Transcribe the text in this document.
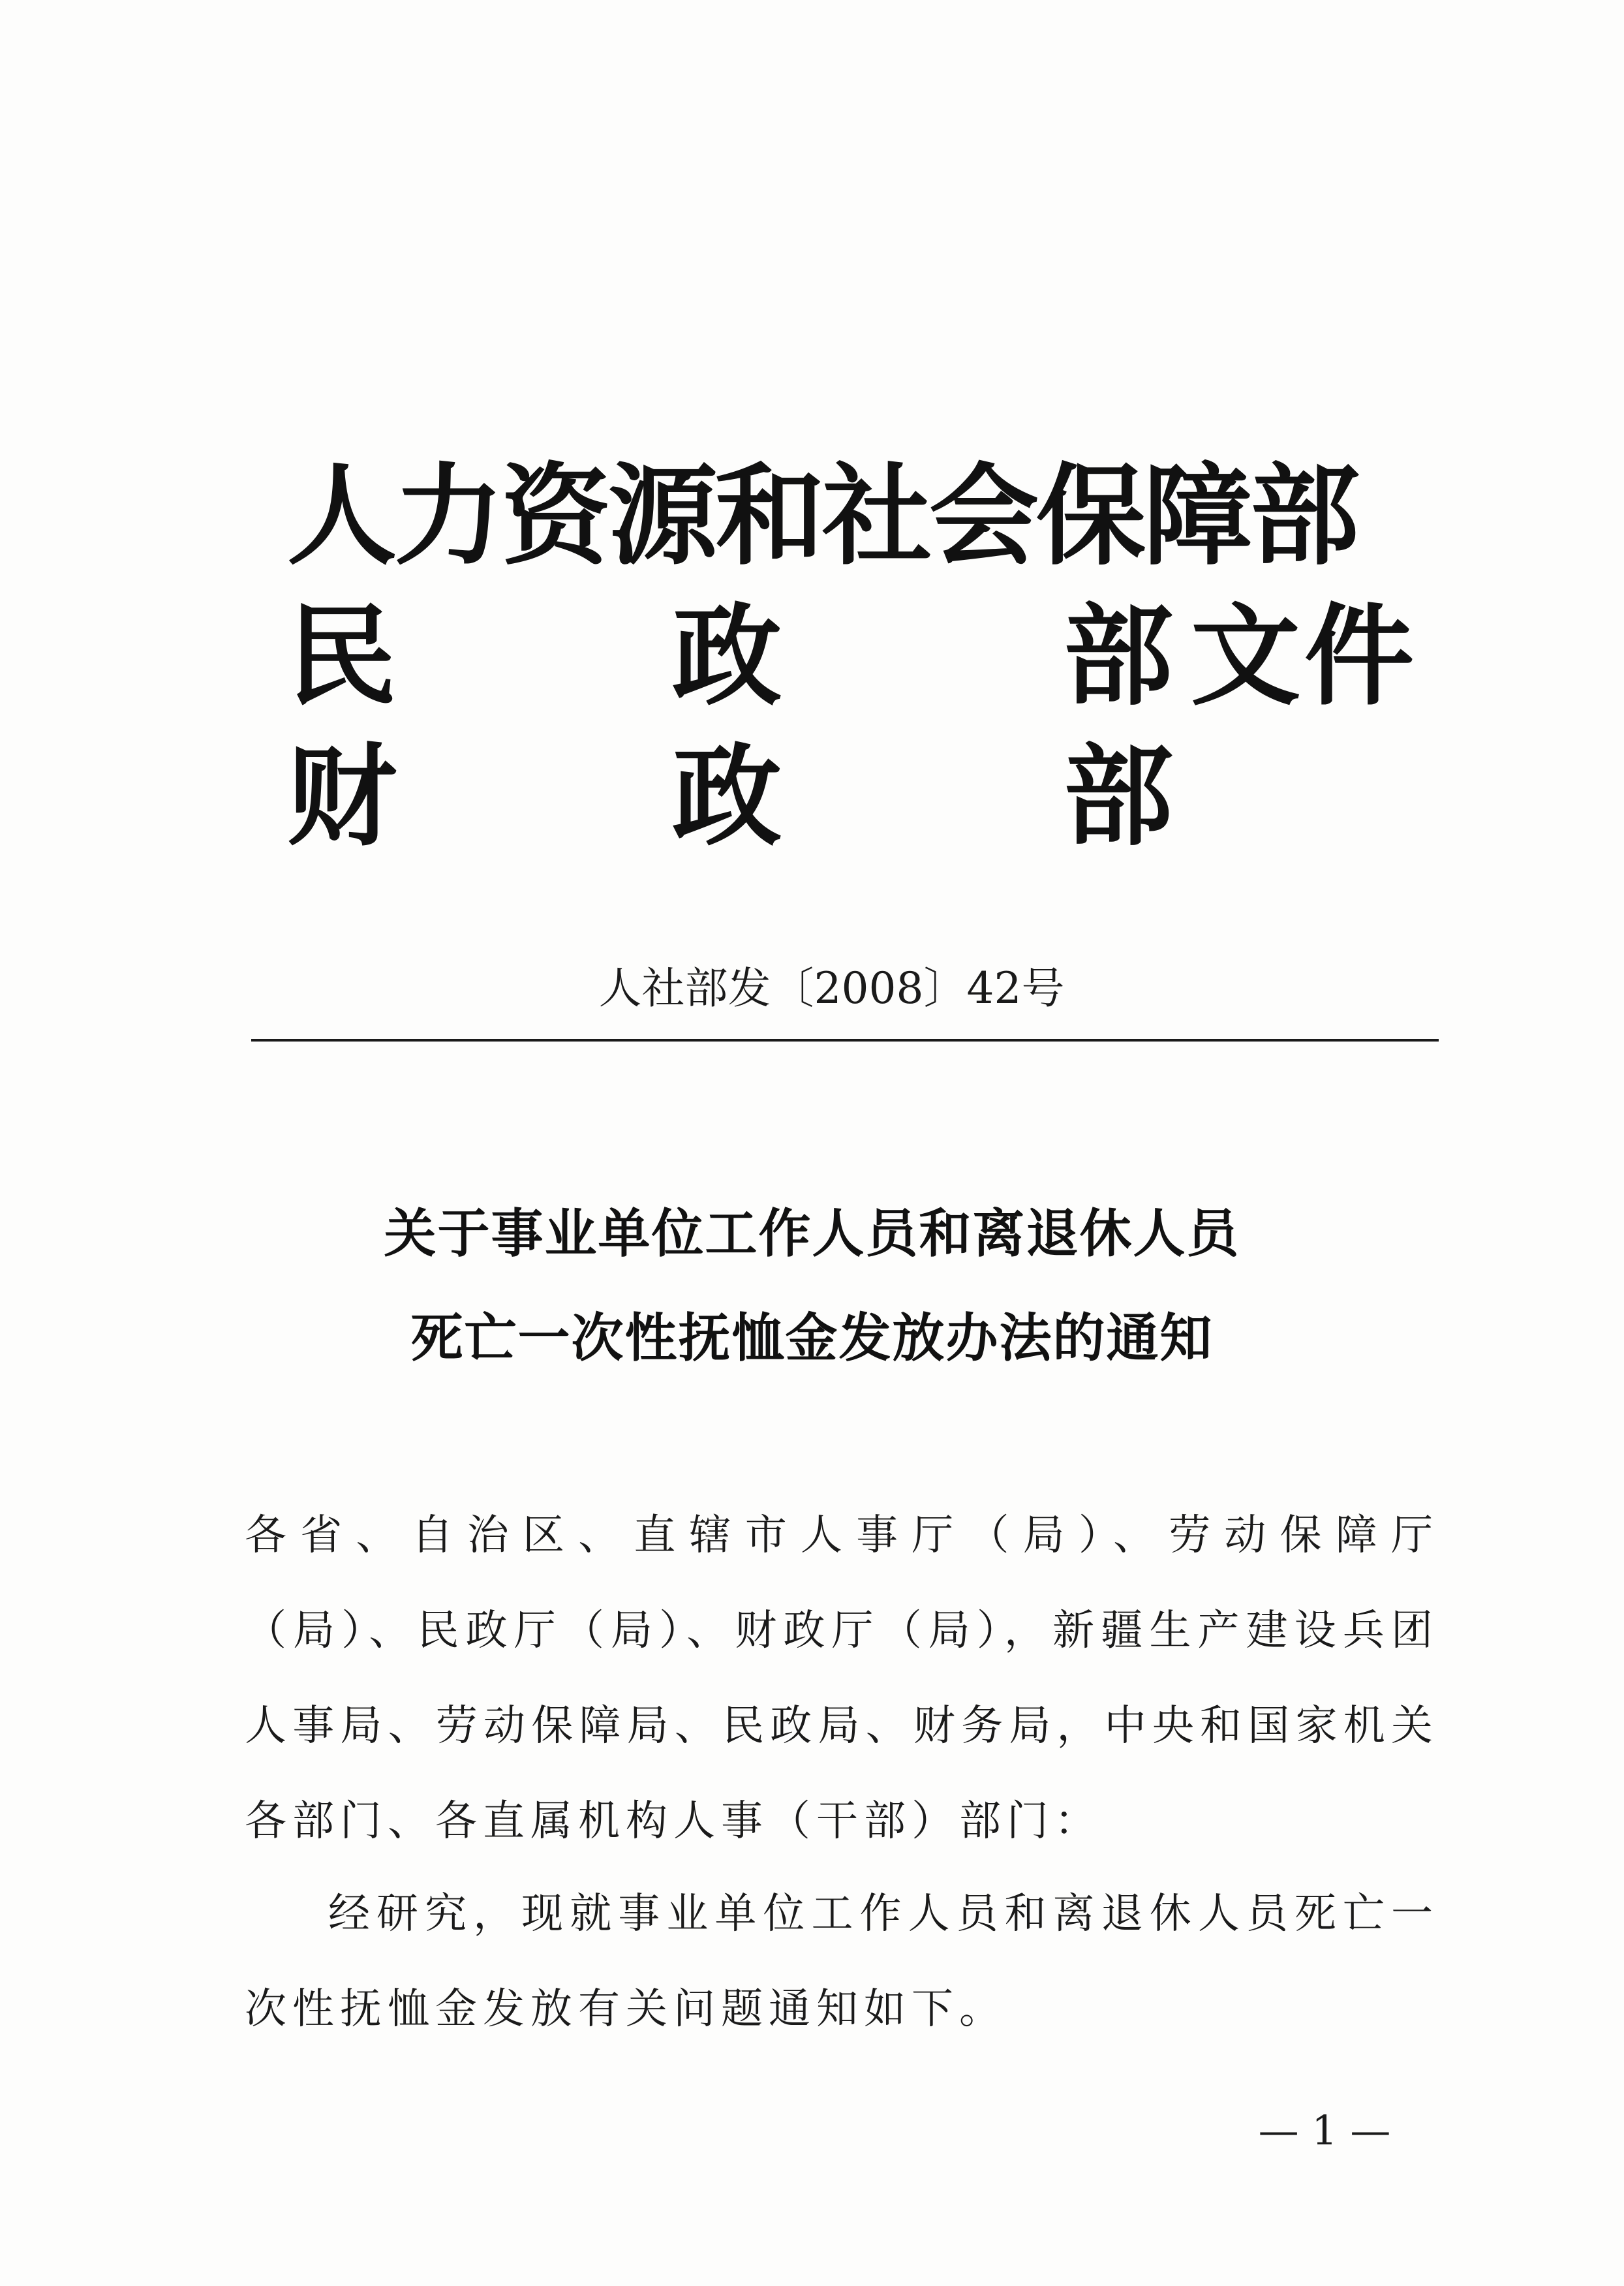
人力资源和社会保障部
民	政	部 文件
财	政	部
人社部发〔2008〕42号
关于事业单位工作人员和离退休人员
死亡一次性抚恤金发放办法的通知
各省、自治区、直辖市人事厅（局）、劳动保障厅（局）、民政厅（局）、财政厅（局），新疆生产建设兵团人事局、劳动保障局、民政局、财务局，中央和国家机关各部门、各直属机构人事（干部）部门：
经研究，现就事业单位工作人员和离退休人员死亡一次性抚恤金发放有关问题通知如下。
— 1 —
